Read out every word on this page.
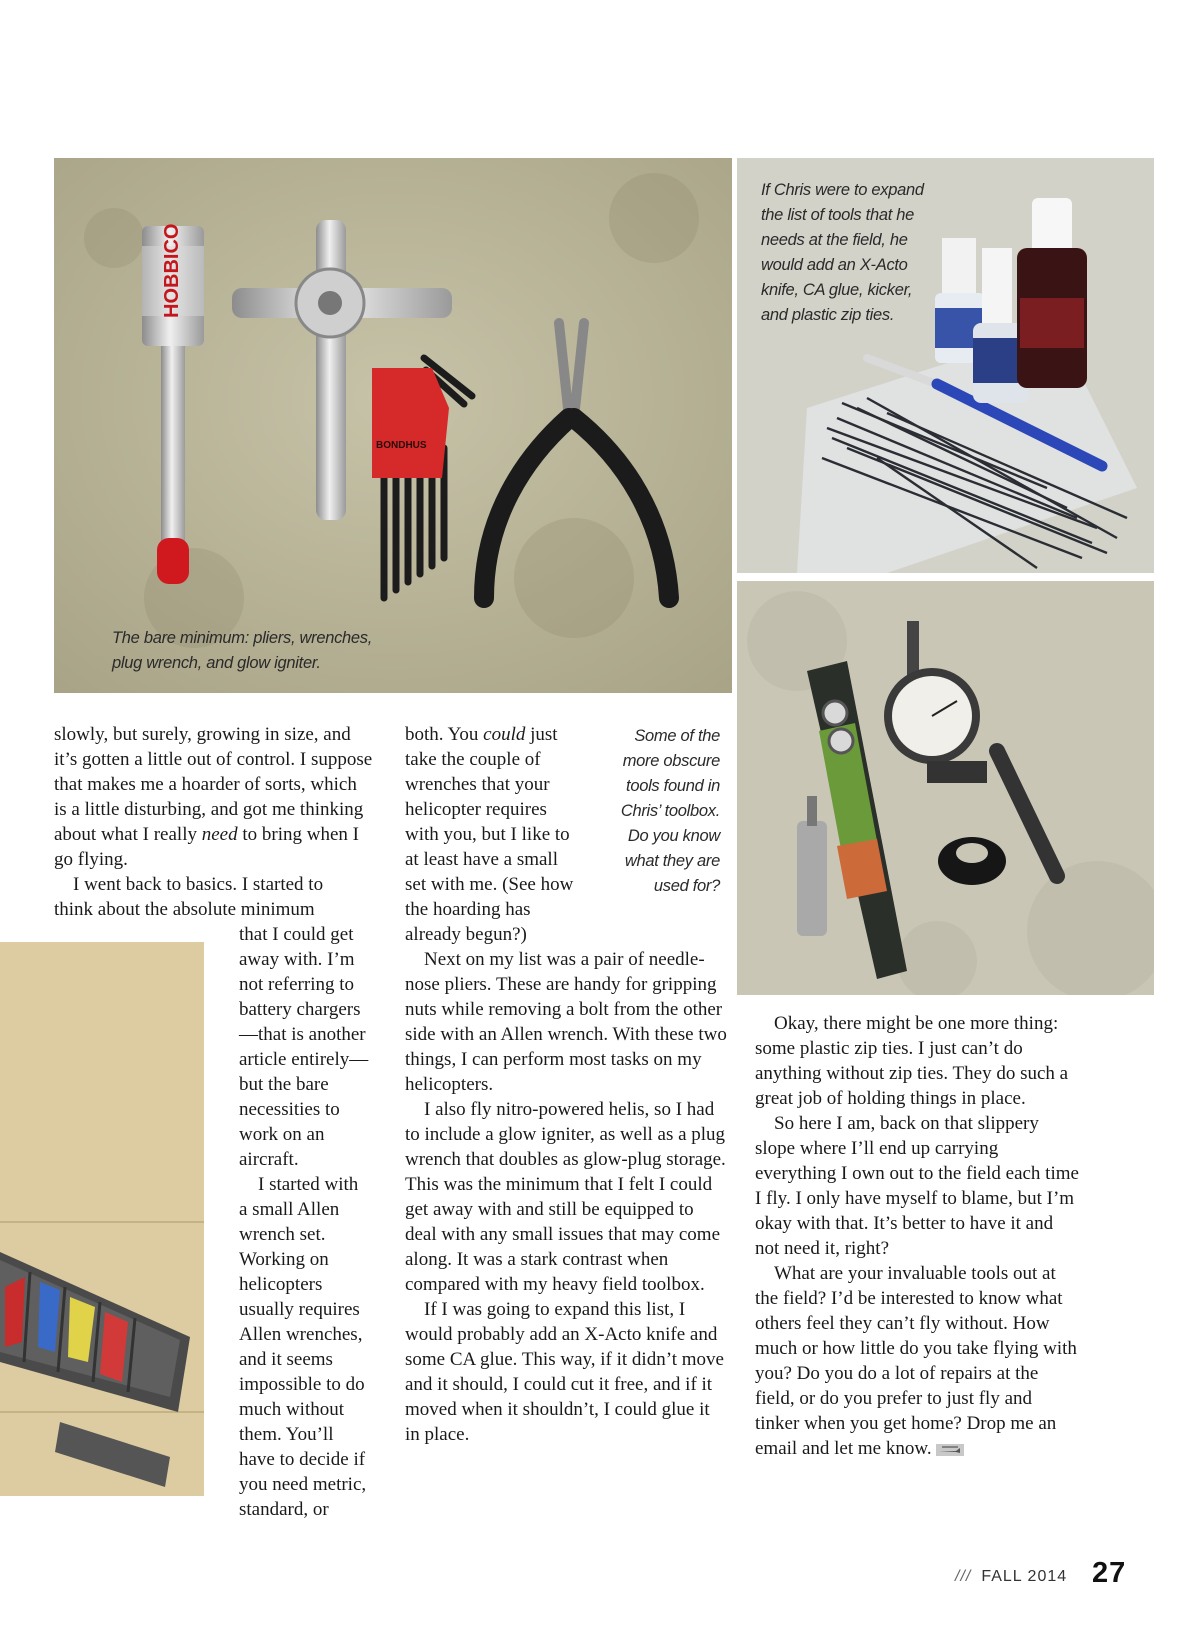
HOBBICO
BONDHUS

The bare minimum: pliers, wrenches, plug wrench, and glow igniter.

If Chris were to expand the list of tools that he needs at the field, he would add an X-Acto knife, CA glue, kicker, and plastic zip ties.

slowly, but surely, growing in size, and it’s gotten a little out of control. I suppose that makes me a hoarder of sorts, which is a little disturbing, and got me thinking about what I really need to bring when I go flying.

I went back to basics. I started to think about the absolute minimum

that I could get away with. I’m not referring to battery chargers—that is another article entirely—but the bare necessities to work on an aircraft.

I started with a small Allen wrench set. Working on helicopters usually requires Allen wrenches, and it seems impossible to do much without them. You’ll have to decide if you need metric, standard, or

Some of the more obscure tools found in Chris’ toolbox. Do you know what they are used for?

both. You could just take the couple of wrenches that your helicopter requires with you, but I like to at least have a small set with me. (See how the hoarding has already begun?)

Next on my list was a pair of needle-nose pliers. These are handy for gripping nuts while removing a bolt from the other side with an Allen wrench. With these two things, I can perform most tasks on my helicopters.

I also fly nitro-powered helis, so I had to include a glow igniter, as well as a plug wrench that doubles as glow-plug storage. This was the minimum that I felt I could get away with and still be equipped to deal with any small issues that may come along. It was a stark contrast when compared with my heavy field toolbox.

If I was going to expand this list, I would probably add an X-Acto knife and some CA glue. This way, if it didn’t move and it should, I could cut it free, and if it moved when it shouldn’t, I could glue it in place.

Okay, there might be one more thing: some plastic zip ties. I just can’t do anything without zip ties. They do such a great job of holding things in place.

So here I am, back on that slippery slope where I’ll end up carrying everything I own out to the field each time I fly. I only have myself to blame, but I’m okay with that. It’s better to have it and not need it, right?

What are your invaluable tools out at the field? I’d be interested to know what others feel they can’t fly without. How much or how little do you take flying with you? Do you do a lot of repairs at the field, or do you prefer to just fly and tinker when you get home? Drop me an email and let me know.

/// FALL 2014 27
